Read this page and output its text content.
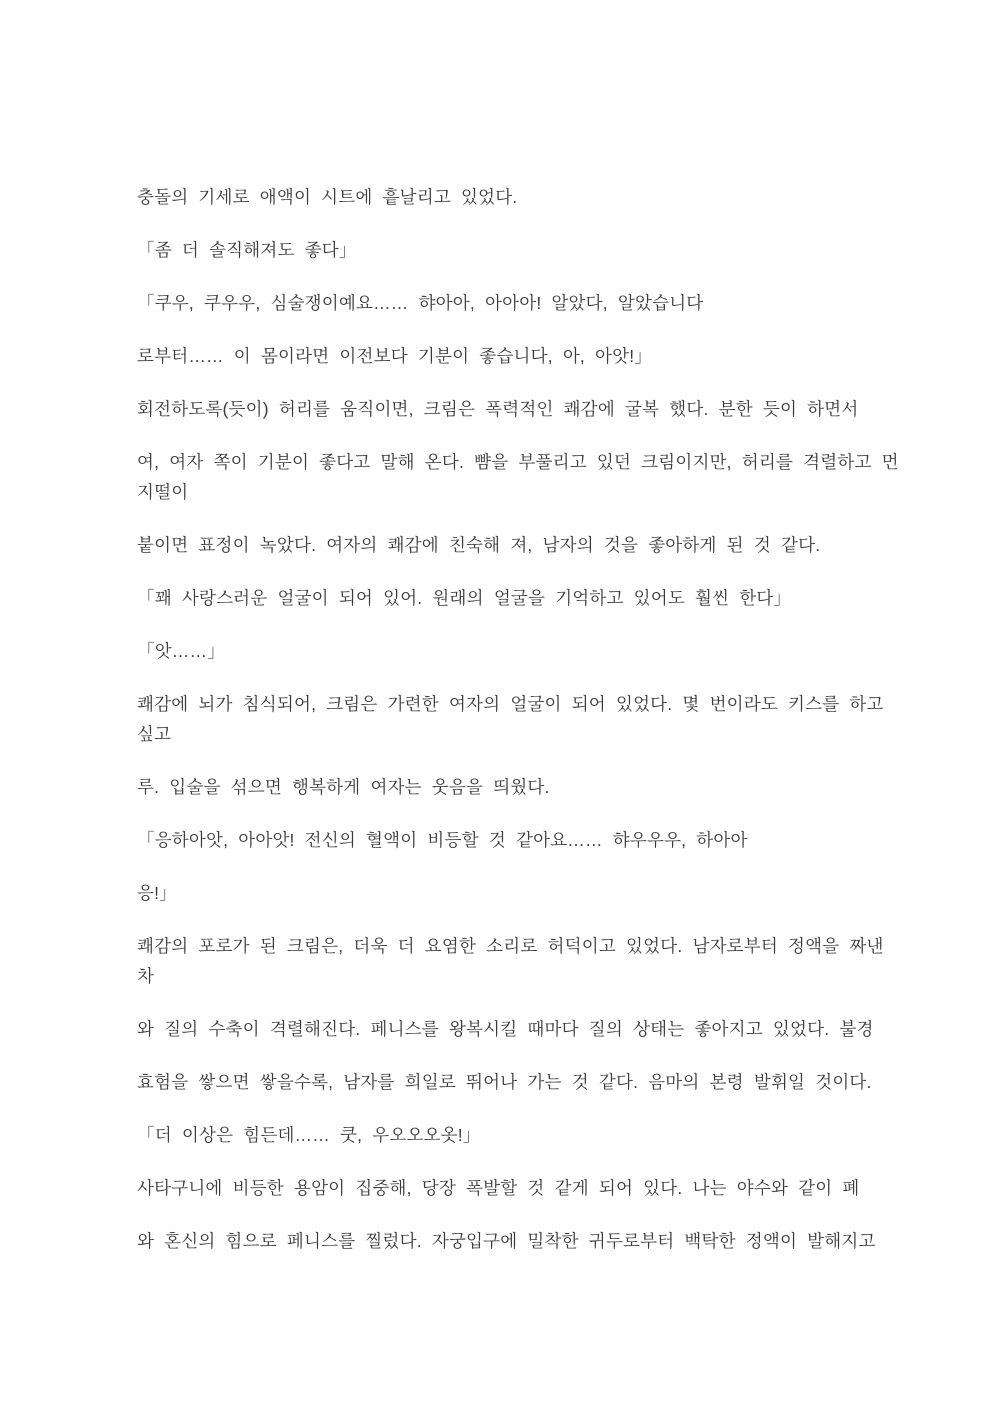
충돌의 기세로 애액이 시트에 흩날리고 있었다.

「좀 더 솔직해져도 좋다」

「쿠우, 쿠우우, 심술쟁이예요…… 햐아아, 아아아! 알았다, 알았습니다

로부터…… 이 몸이라면 이전보다 기분이 좋습니다, 아, 아앗!」

회전하도록(듯이) 허리를 움직이면, 크림은 폭력적인 쾌감에 굴복 했다. 분한 듯이 하면서

여, 여자 쪽이 기분이 좋다고 말해 온다. 뺨을 부풀리고 있던 크림이지만, 허리를 격렬하고 먼
지떨이

붙이면 표정이 녹았다. 여자의 쾌감에 친숙해 져, 남자의 것을 좋아하게 된 것 같다.

「꽤 사랑스러운 얼굴이 되어 있어. 원래의 얼굴을 기억하고 있어도 훨씬 한다」

「앗……」

쾌감에 뇌가 침식되어, 크림은 가련한 여자의 얼굴이 되어 있었다. 몇 번이라도 키스를 하고
싶고

루. 입술을 섞으면 행복하게 여자는 웃음을 띄웠다.

「응하아앗, 아아앗! 전신의 혈액이 비등할 것 같아요…… 햐우우우, 하아아

응!」

쾌감의 포로가 된 크림은, 더욱 더 요염한 소리로 허덕이고 있었다. 남자로부터 정액을 짜낸
차

와 질의 수축이 격렬해진다. 페니스를 왕복시킬 때마다 질의 상태는 좋아지고 있었다. 불경

효험을 쌓으면 쌓을수록, 남자를 희일로 뛰어나 가는 것 같다. 음마의 본령 발휘일 것이다.

「더 이상은 힘든데…… 쿳, 우오오오옷!」

사타구니에 비등한 용암이 집중해, 당장 폭발할 것 같게 되어 있다. 나는 야수와 같이 폐

와 혼신의 힘으로 페니스를 찔렀다. 자궁입구에 밀착한 귀두로부터 백탁한 정액이 발해지고
